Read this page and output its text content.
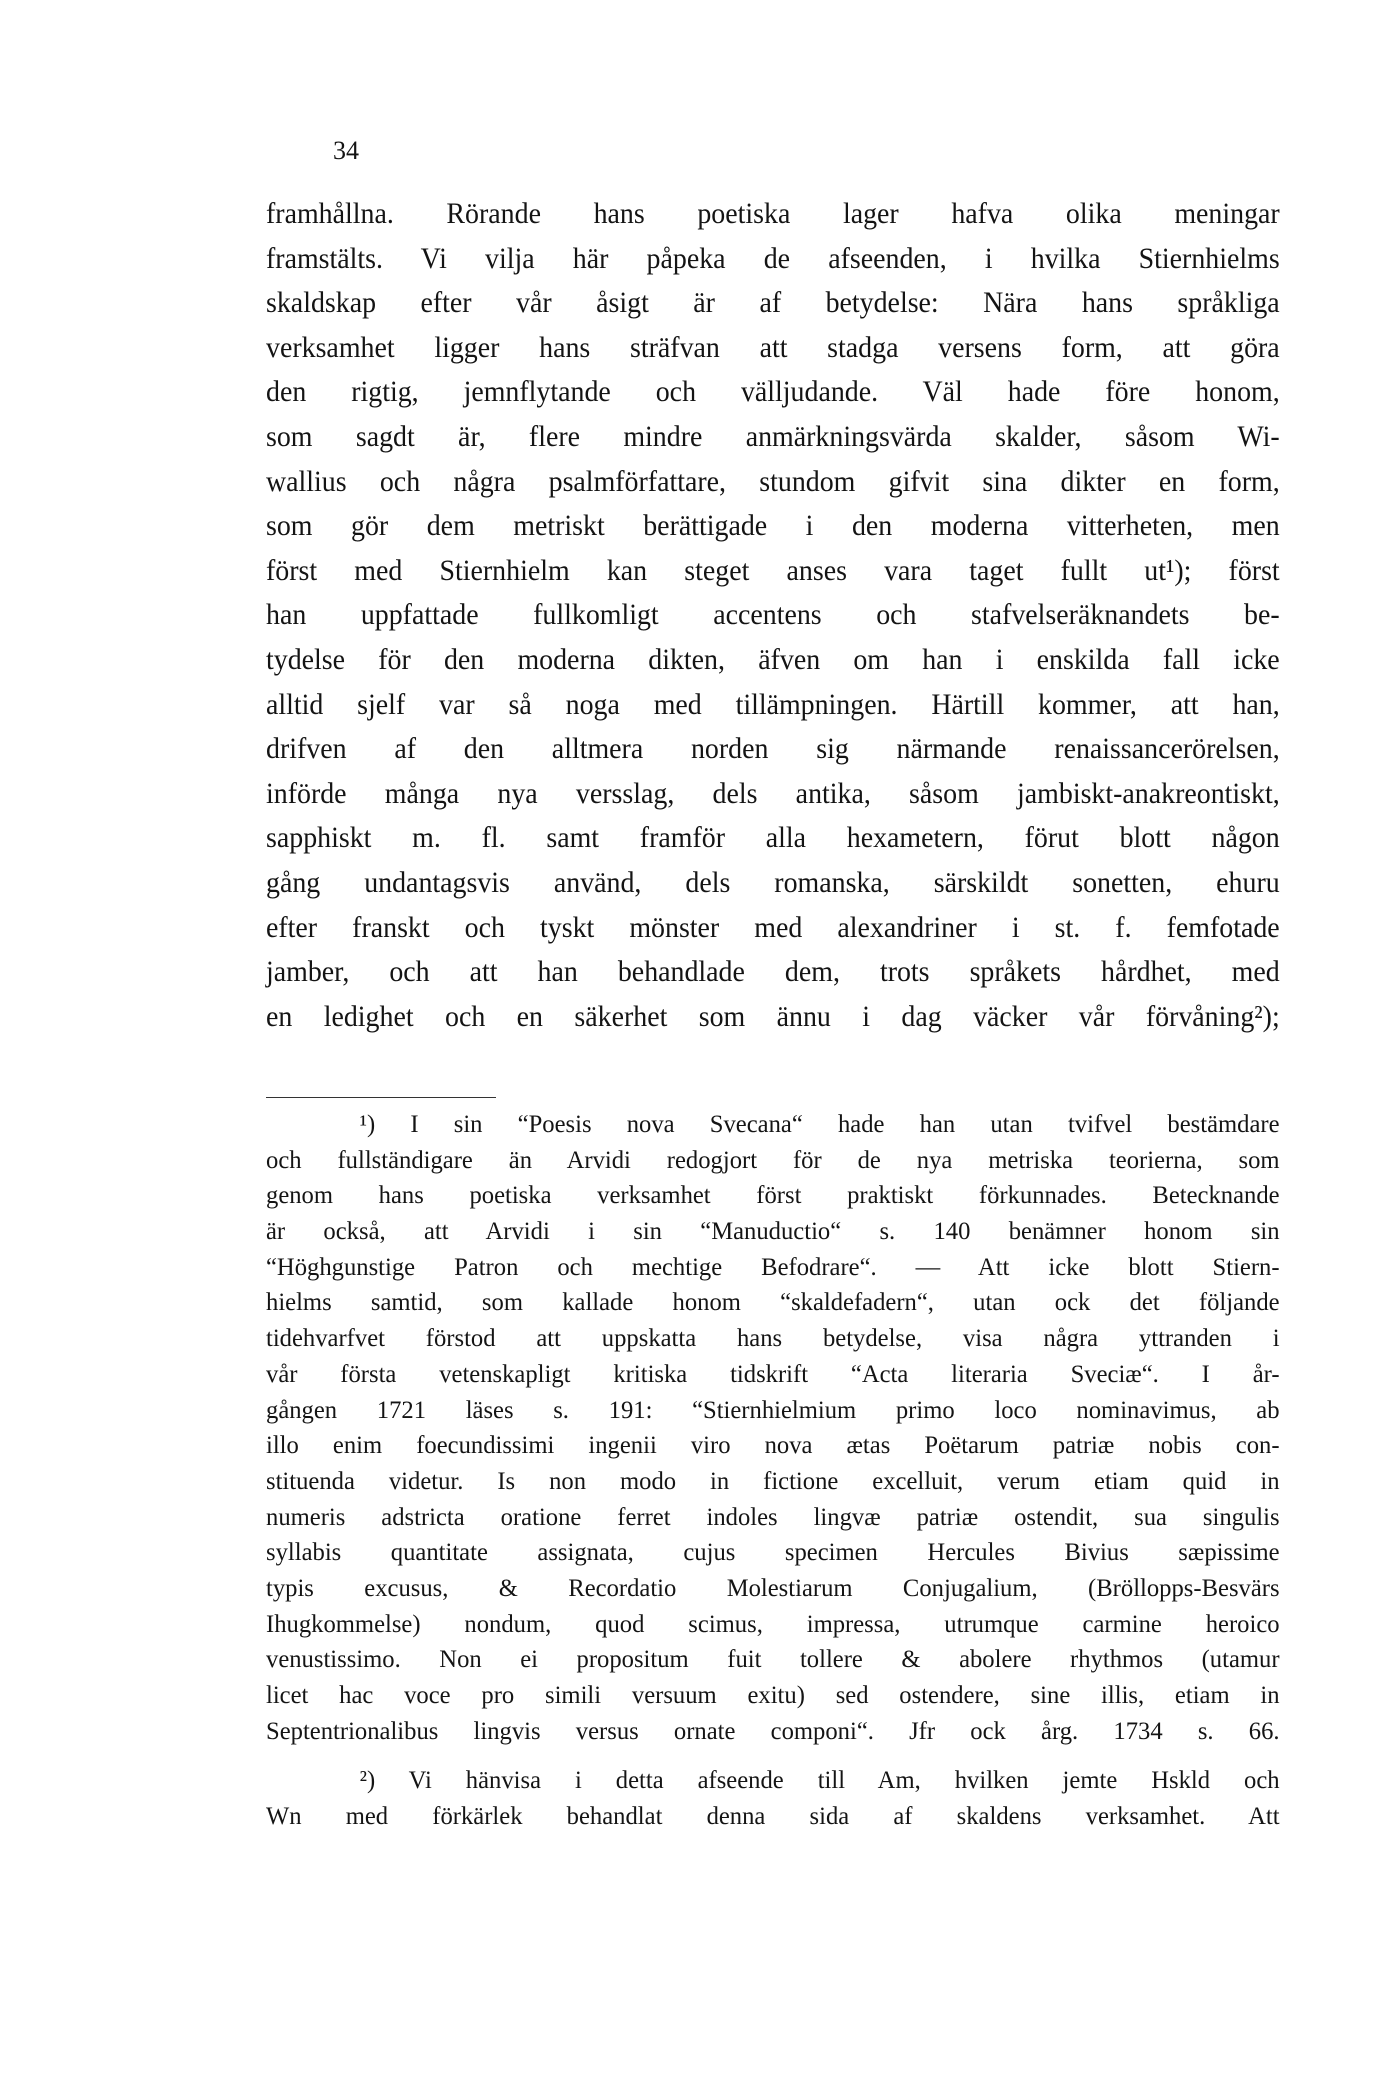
34
framhållna. Rörande hans poetiska lager hafva olika meningar
framstälts. Vi vilja här påpeka de afseenden, i hvilka Stiernhielms
skaldskap efter vår åsigt är af betydelse: Nära hans språkliga
verksamhet ligger hans sträfvan att stadga versens form, att göra
den rigtig, jemnflytande och välljudande. Väl hade före honom,
som sagdt är, flere mindre anmärkningsvärda skalder, såsom Wi-
wallius och några psalmförfattare, stundom gifvit sina dikter en form,
som gör dem metriskt berättigade i den moderna vitterheten, men
först med Stiernhielm kan steget anses vara taget fullt ut¹); först
han uppfattade fullkomligt accentens och stafvelseräknandets be-
tydelse för den moderna dikten, äfven om han i enskilda fall icke
alltid sjelf var så noga med tillämpningen. Härtill kommer, att han,
drifven af den alltmera norden sig närmande renaissancerörelsen,
införde många nya versslag, dels antika, såsom jambiskt-anakreontiskt,
sapphiskt m. fl. samt framför alla hexametern, förut blott någon
gång undantagsvis använd, dels romanska, särskildt sonetten, ehuru
efter franskt och tyskt mönster med alexandriner i st. f. femfotade
jamber, och att han behandlade dem, trots språkets hårdhet, med
en ledighet och en säkerhet som ännu i dag väcker vår förvåning²);
¹) I sin “Poesis nova Svecana“ hade han utan tvifvel bestämdare
och fullständigare än Arvidi redogjort för de nya metriska teorierna, som
genom hans poetiska verksamhet först praktiskt förkunnades. Betecknande
är också, att Arvidi i sin “Manuductio“ s. 140 benämner honom sin
“Höghgunstige Patron och mechtige Befodrare“. — Att icke blott Stiern-
hielms samtid, som kallade honom “skaldefadern“, utan ock det följande
tidehvarfvet förstod att uppskatta hans betydelse, visa några yttranden i
vår första vetenskapligt kritiska tidskrift “Acta literaria Sveciæ“. I år-
gången 1721 läses s. 191: “Stiernhielmium primo loco nominavimus, ab
illo enim foecundissimi ingenii viro nova ætas Poëtarum patriæ nobis con-
stituenda videtur. Is non modo in fictione excelluit, verum etiam quid in
numeris adstricta oratione ferret indoles lingvæ patriæ ostendit, sua singulis
syllabis quantitate assignata, cujus specimen Hercules Bivius sæpissime
typis excusus, & Recordatio Molestiarum Conjugalium, (Bröllopps-Besvärs
Ihugkommelse) nondum, quod scimus, impressa, utrumque carmine heroico
venustissimo. Non ei propositum fuit tollere & abolere rhythmos (utamur
licet hac voce pro simili versuum exitu) sed ostendere, sine illis, etiam in
Septentrionalibus lingvis versus ornate componi“. Jfr ock årg. 1734 s. 66.
²) Vi hänvisa i detta afseende till Am, hvilken jemte Hskld och
Wn med förkärlek behandlat denna sida af skaldens verksamhet. Att
